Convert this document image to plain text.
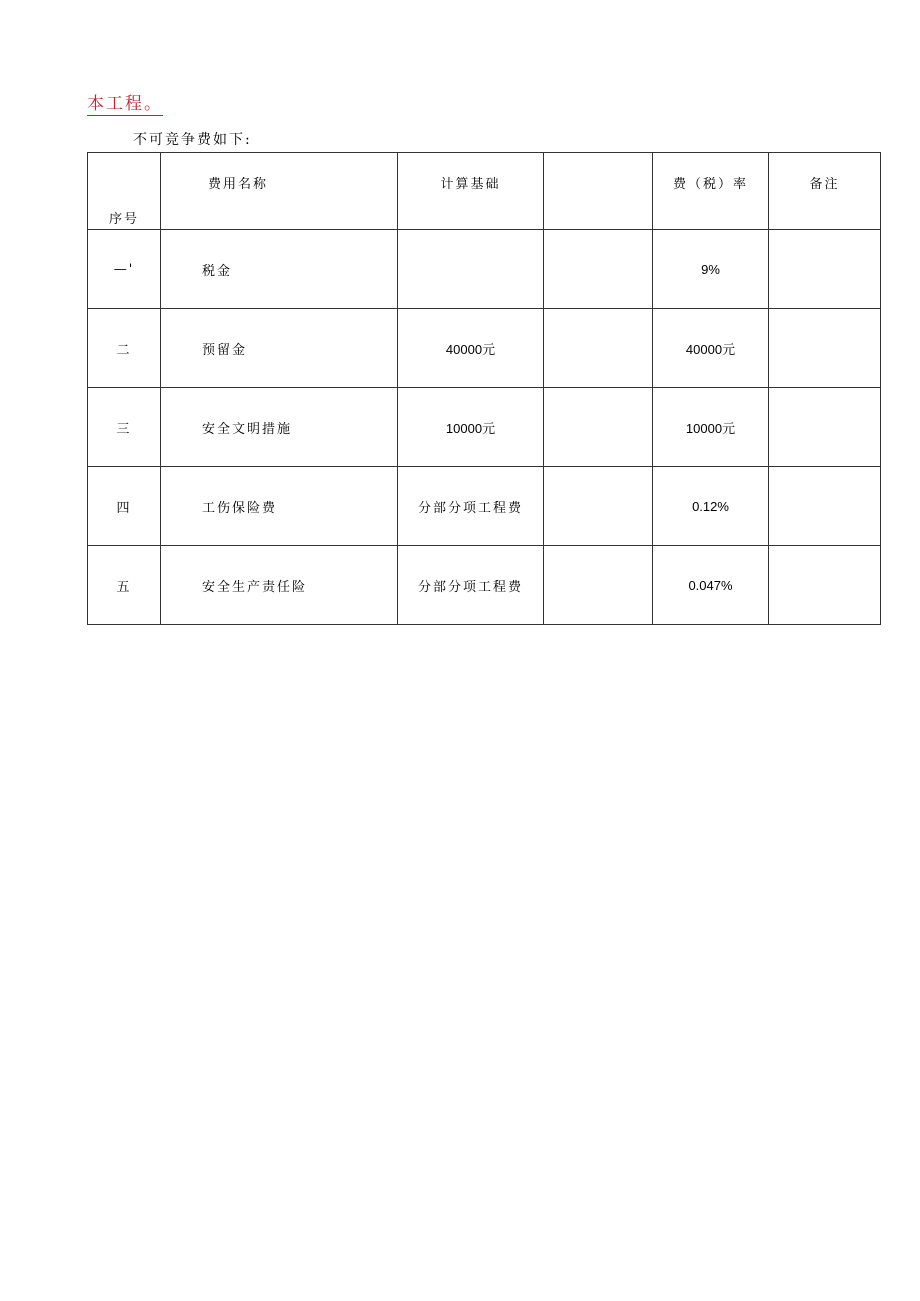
本工程。
不可竞争费如下:
序号	费用名称	计算基础		费（税）率	备注
—'	税金			9%	
二	预留金	40000元		40000元	
三	安全文明措施	10000元		10000元	
四	工伤保险费	分部分项工程费		0.12%	
五	安全生产责任险	分部分项工程费		0.047%	
